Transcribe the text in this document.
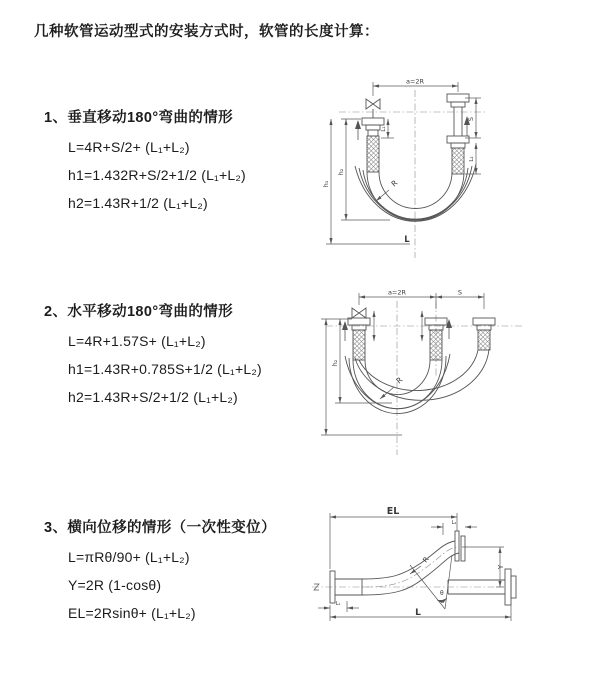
几种软管运动型式的安装方式时，软管的长度计算：
1、垂直移动180°弯曲的情形
L=4R+S/2+ (L₁+L₂)
h1=1.432R+S/2+1/2 (L₁+L₂)
h2=1.43R+1/2 (L₁+L₂)
a=2R
S
L₂
L₁
h₂
h₁	R
L
2、水平移动180°弯曲的情形
L=4R+1.57S+ (L₁+L₂)
h1=1.43R+0.785S+1/2 (L₁+L₂)
h2=1.43R+S/2+1/2 (L₁+L₂)
a=2R	S
h₂
R
3、横向位移的情形（一次性变位）
L=πRθ/90+ (L₁+L₂)
Y=2R (1-cosθ)
EL=2Rsinθ+ (L₁+L₂)
EL
L₂
Y
R
θ
L
L₁
